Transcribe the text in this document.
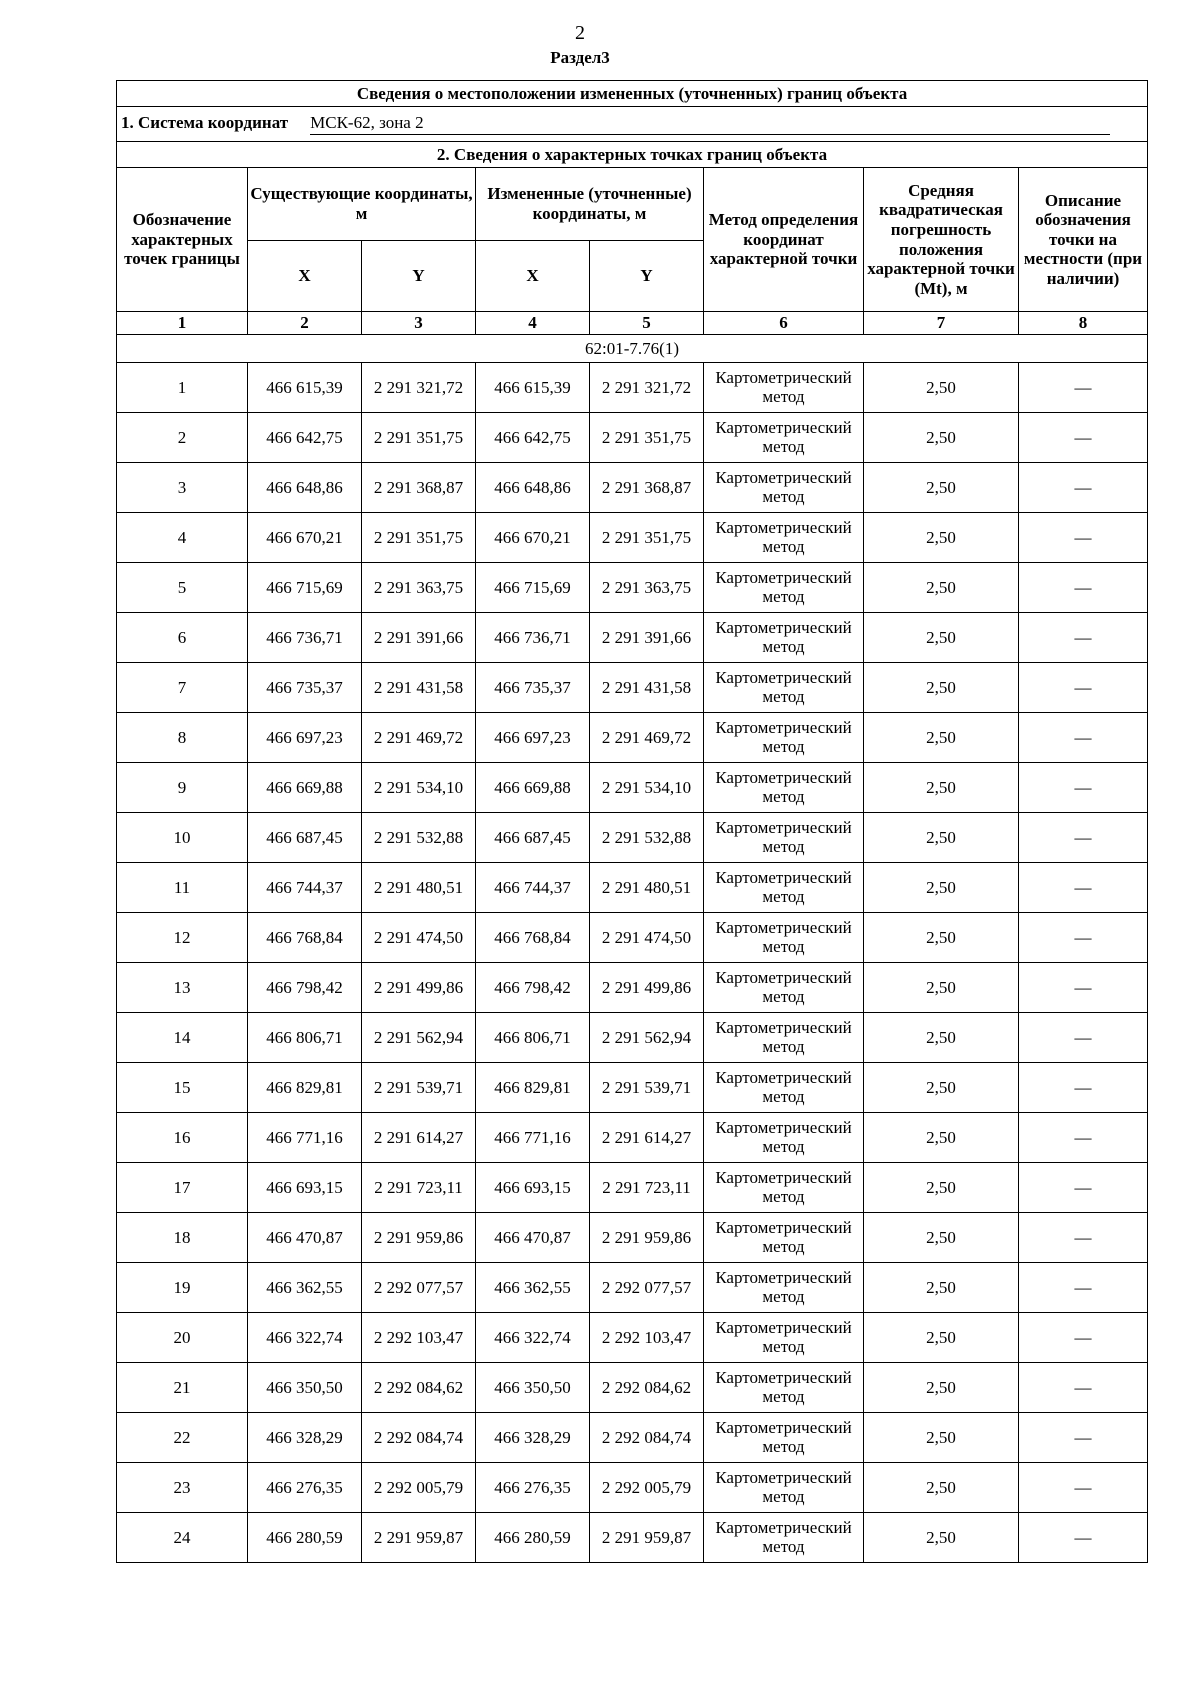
2
Раздел3
Сведения о местоположении измененных (уточненных) границ объекта							
1. Система координат МСК-62, зона 2							
2. Сведения о характерных точках границ объекта							
Обозначение характерных точек границы	Существующие координаты, м		Измененные (уточненные) координаты, м		Метод определения координат характерной точки	Средняя квадратическая погрешность положения характерной точки (Mt), м	Описание обозначения точки на местности (при наличии)
	X	Y	X	Y			
1	2	3	4	5	6	7	8
62:01-7.76(1)							
1	466 615,39	2 291 321,72	466 615,39	2 291 321,72	Картометрический метод	2,50	—
2	466 642,75	2 291 351,75	466 642,75	2 291 351,75	Картометрический метод	2,50	—
3	466 648,86	2 291 368,87	466 648,86	2 291 368,87	Картометрический метод	2,50	—
4	466 670,21	2 291 351,75	466 670,21	2 291 351,75	Картометрический метод	2,50	—
5	466 715,69	2 291 363,75	466 715,69	2 291 363,75	Картометрический метод	2,50	—
6	466 736,71	2 291 391,66	466 736,71	2 291 391,66	Картометрический метод	2,50	—
7	466 735,37	2 291 431,58	466 735,37	2 291 431,58	Картометрический метод	2,50	—
8	466 697,23	2 291 469,72	466 697,23	2 291 469,72	Картометрический метод	2,50	—
9	466 669,88	2 291 534,10	466 669,88	2 291 534,10	Картометрический метод	2,50	—
10	466 687,45	2 291 532,88	466 687,45	2 291 532,88	Картометрический метод	2,50	—
11	466 744,37	2 291 480,51	466 744,37	2 291 480,51	Картометрический метод	2,50	—
12	466 768,84	2 291 474,50	466 768,84	2 291 474,50	Картометрический метод	2,50	—
13	466 798,42	2 291 499,86	466 798,42	2 291 499,86	Картометрический метод	2,50	—
14	466 806,71	2 291 562,94	466 806,71	2 291 562,94	Картометрический метод	2,50	—
15	466 829,81	2 291 539,71	466 829,81	2 291 539,71	Картометрический метод	2,50	—
16	466 771,16	2 291 614,27	466 771,16	2 291 614,27	Картометрический метод	2,50	—
17	466 693,15	2 291 723,11	466 693,15	2 291 723,11	Картометрический метод	2,50	—
18	466 470,87	2 291 959,86	466 470,87	2 291 959,86	Картометрический метод	2,50	—
19	466 362,55	2 292 077,57	466 362,55	2 292 077,57	Картометрический метод	2,50	—
20	466 322,74	2 292 103,47	466 322,74	2 292 103,47	Картометрический метод	2,50	—
21	466 350,50	2 292 084,62	466 350,50	2 292 084,62	Картометрический метод	2,50	—
22	466 328,29	2 292 084,74	466 328,29	2 292 084,74	Картометрический метод	2,50	—
23	466 276,35	2 292 005,79	466 276,35	2 292 005,79	Картометрический метод	2,50	—
24	466 280,59	2 291 959,87	466 280,59	2 291 959,87	Картометрический метод	2,50	—
